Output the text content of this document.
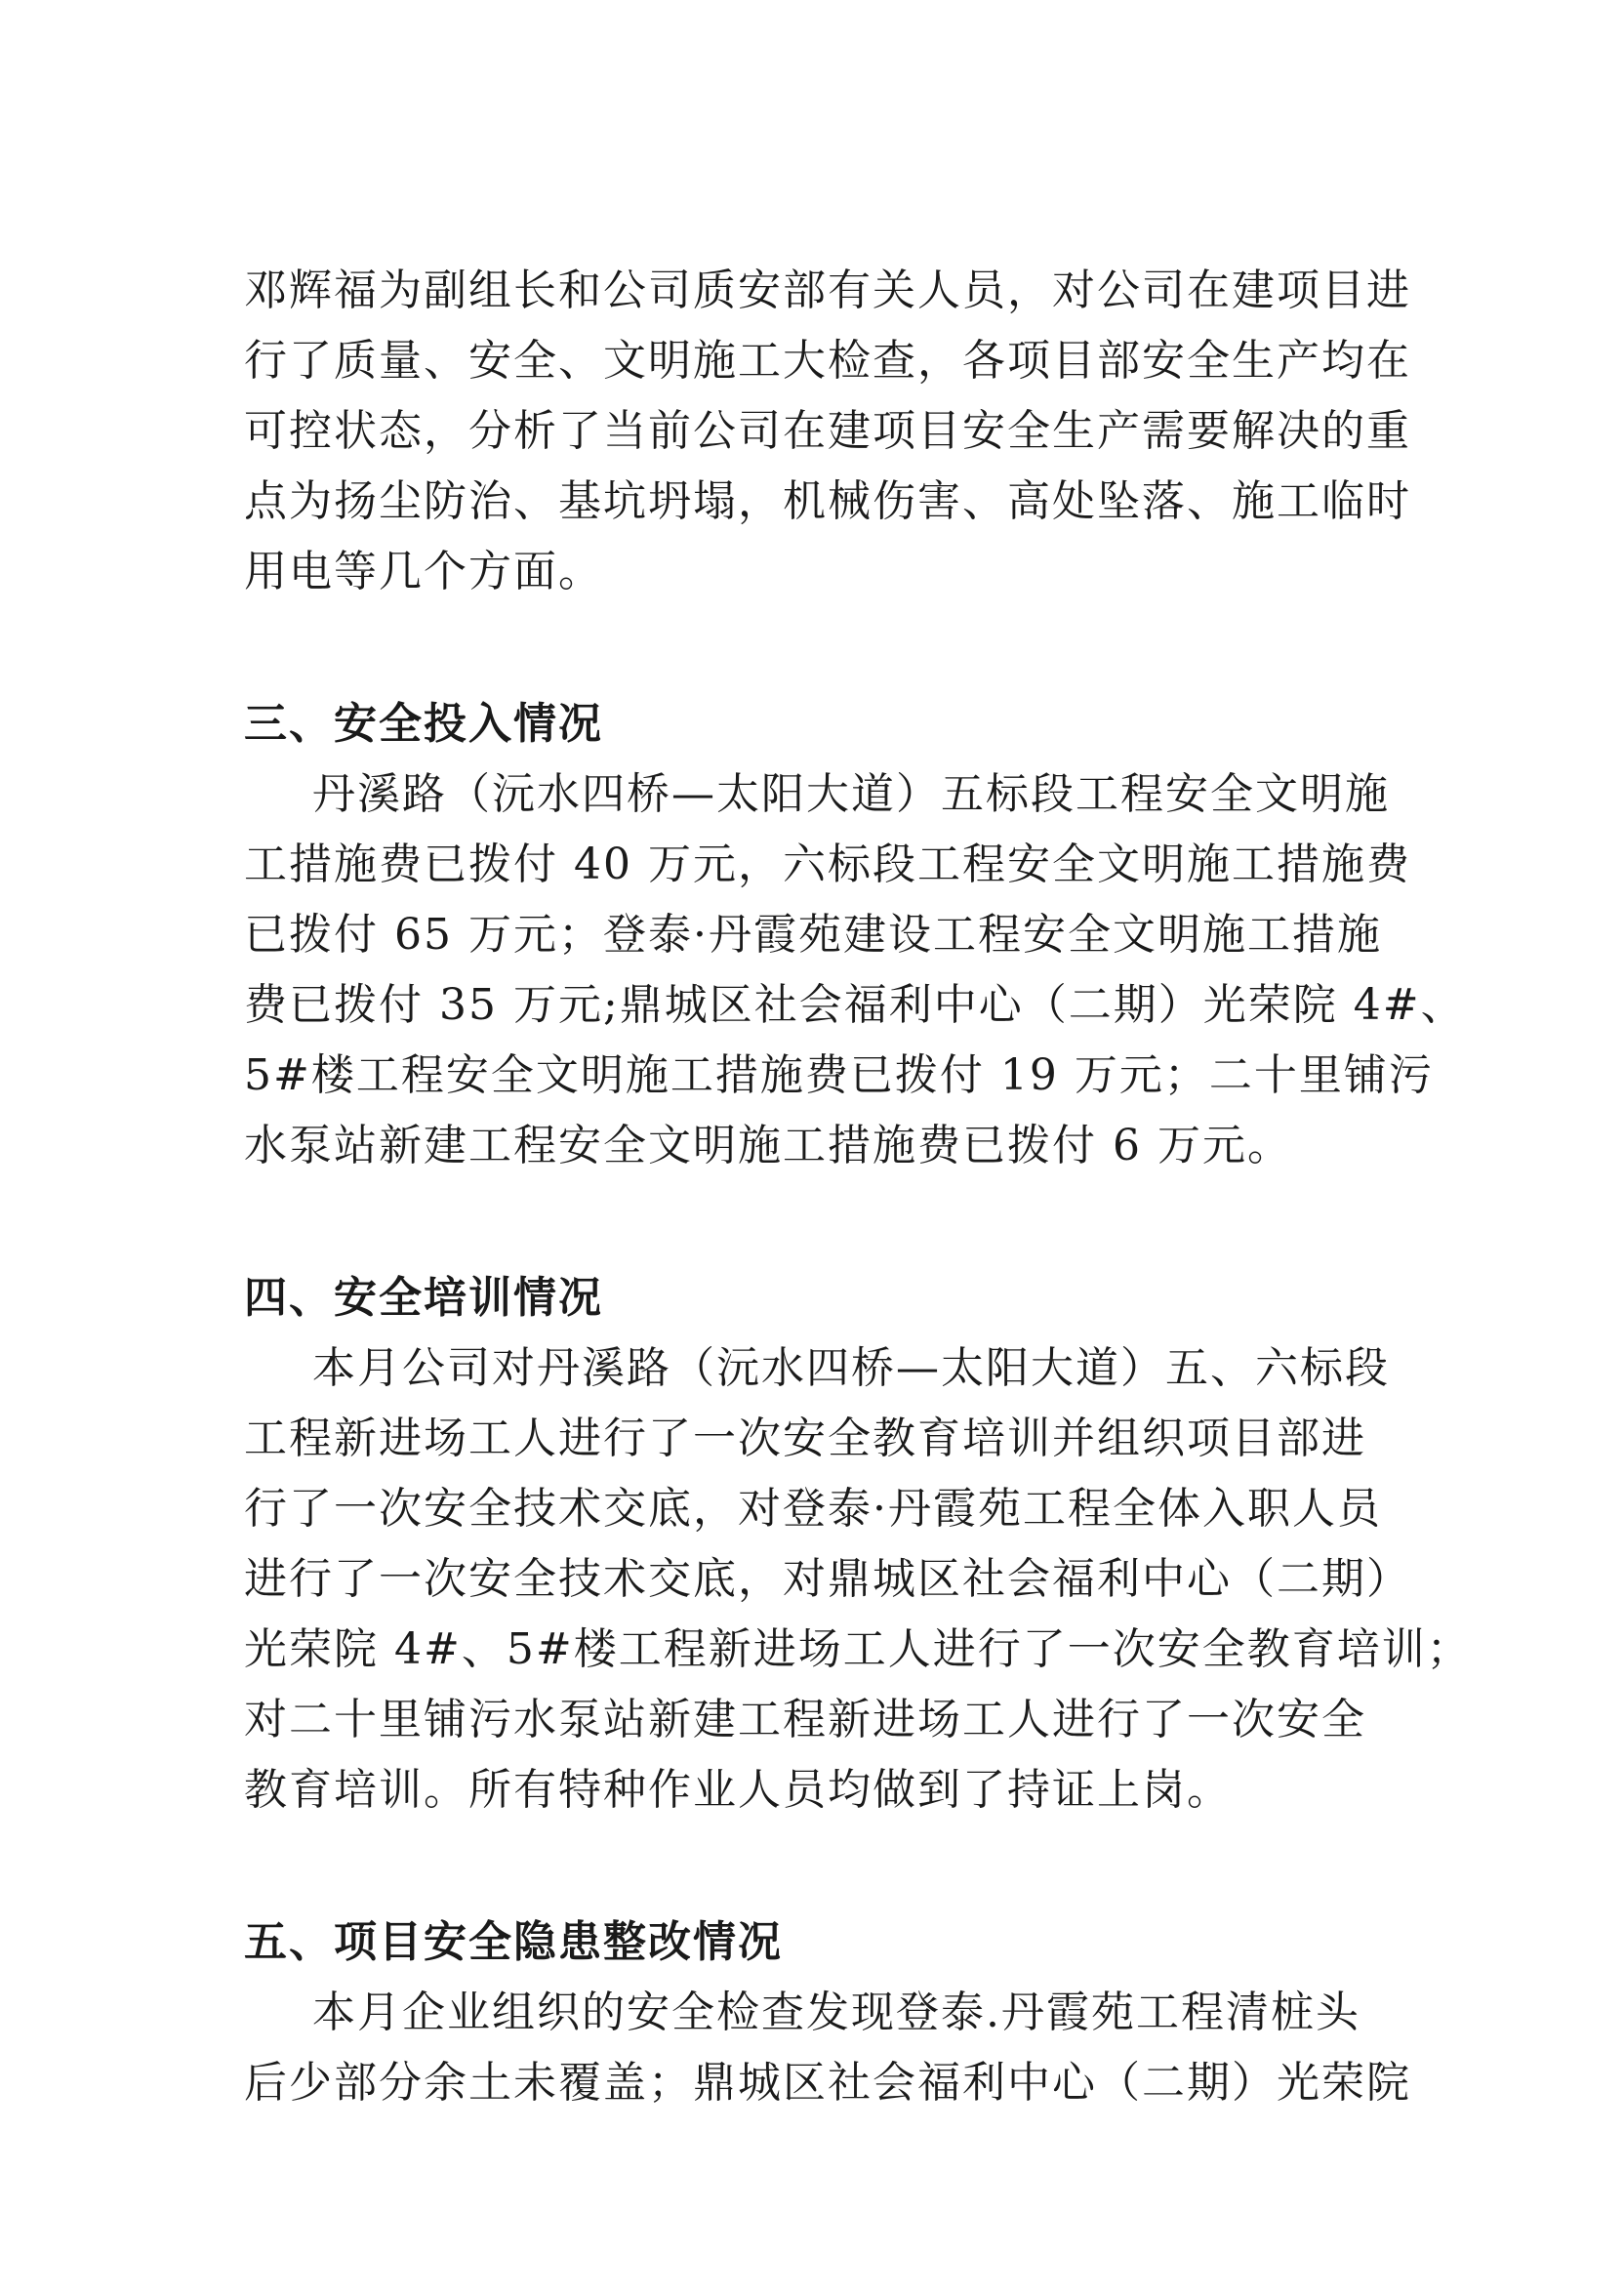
邓辉福为副组长和公司质安部有关人员，对公司在建项目进
行了质量、安全、文明施工大检查，各项目部安全生产均在
可控状态，分析了当前公司在建项目安全生产需要解决的重
点为扬尘防治、基坑坍塌，机械伤害、高处坠落、施工临时
用电等几个方面。
三、安全投入情况
丹溪路（沅水四桥—太阳大道）五标段工程安全文明施
工措施费已拨付 40 万元，六标段工程安全文明施工措施费
已拨付 65 万元；登泰·丹霞苑建设工程安全文明施工措施
费已拨付 35 万元;鼎城区社会福利中心（二期）光荣院 4#、
5#楼工程安全文明施工措施费已拨付 19 万元；二十里铺污
水泵站新建工程安全文明施工措施费已拨付 6 万元。
四、安全培训情况
本月公司对丹溪路（沅水四桥—太阳大道）五、六标段
工程新进场工人进行了一次安全教育培训并组织项目部进
行了一次安全技术交底，对登泰·丹霞苑工程全体入职人员
进行了一次安全技术交底，对鼎城区社会福利中心（二期）
光荣院 4#、5#楼工程新进场工人进行了一次安全教育培训；
对二十里铺污水泵站新建工程新进场工人进行了一次安全
教育培训。所有特种作业人员均做到了持证上岗。
五、项目安全隐患整改情况
本月企业组织的安全检查发现登泰.丹霞苑工程清桩头
后少部分余土未覆盖；鼎城区社会福利中心（二期）光荣院
